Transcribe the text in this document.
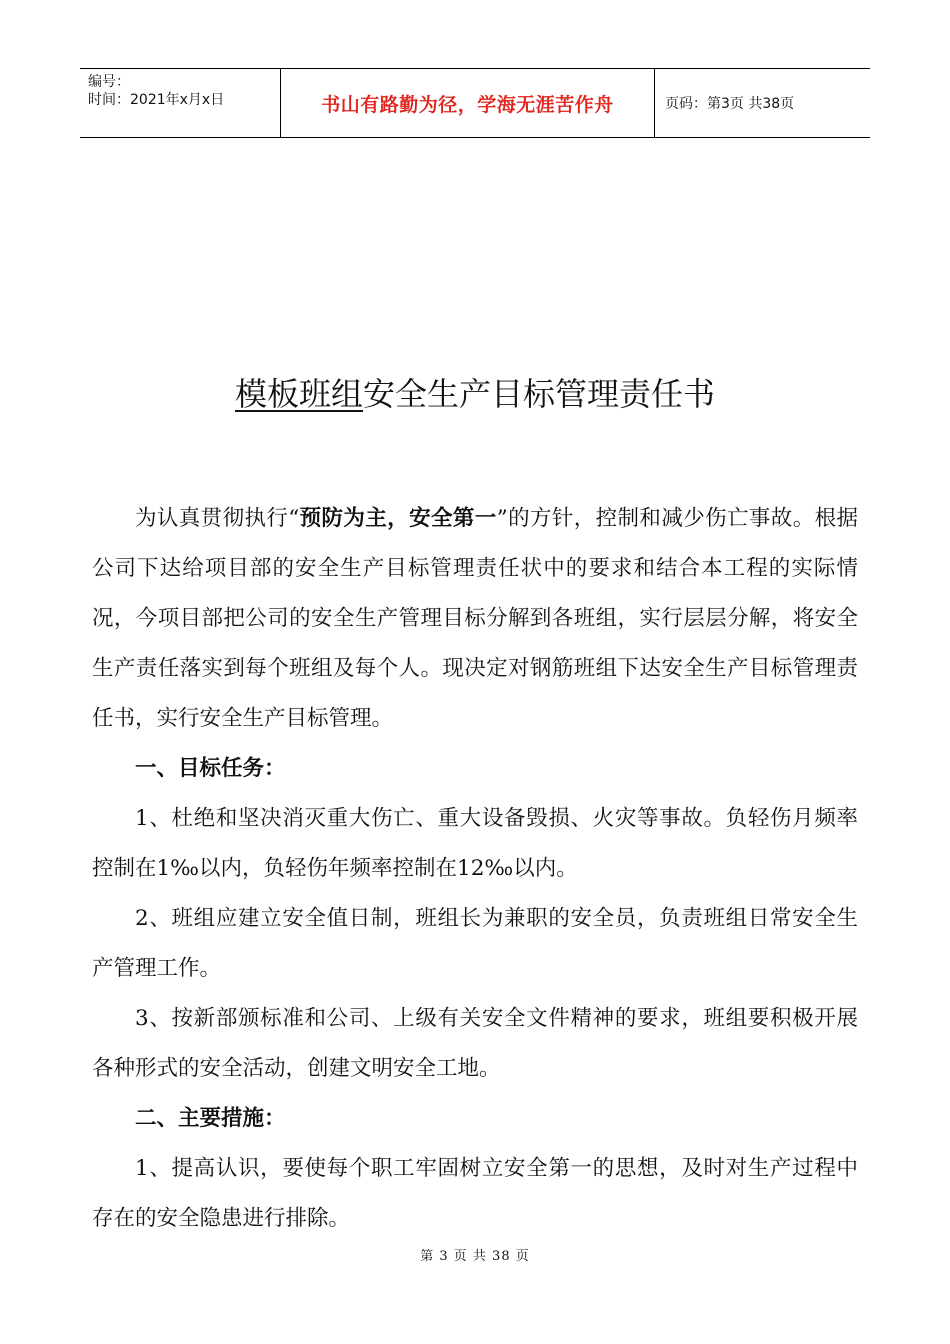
编号：
时间：2021年x月x日	书山有路勤为径，学海无涯苦作舟	页码：第3页 共38页
模板班组安全生产目标管理责任书

为认真贯彻执行“预防为主，安全第一”的方针，控制和减少伤亡事故。根据公司下达给项目部的安全生产目标管理责任状中的要求和结合本工程的实际情况，今项目部把公司的安全生产管理目标分解到各班组，实行层层分解，将安全生产责任落实到每个班组及每个人。现决定对钢筋班组下达安全生产目标管理责任书，实行安全生产目标管理。

一、目标任务：

1、杜绝和坚决消灭重大伤亡、重大设备毁损、火灾等事故。负轻伤月频率控制在1‰以内，负轻伤年频率控制在12‰以内。

2、班组应建立安全值日制，班组长为兼职的安全员，负责班组日常安全生产管理工作。

3、按新部颁标准和公司、上级有关安全文件精神的要求，班组要积极开展各种形式的安全活动，创建文明安全工地。

二、主要措施：

1、提高认识，要使每个职工牢固树立安全第一的思想，及时对生产过程中存在的安全隐患进行排除。

第 3 页 共 38 页
